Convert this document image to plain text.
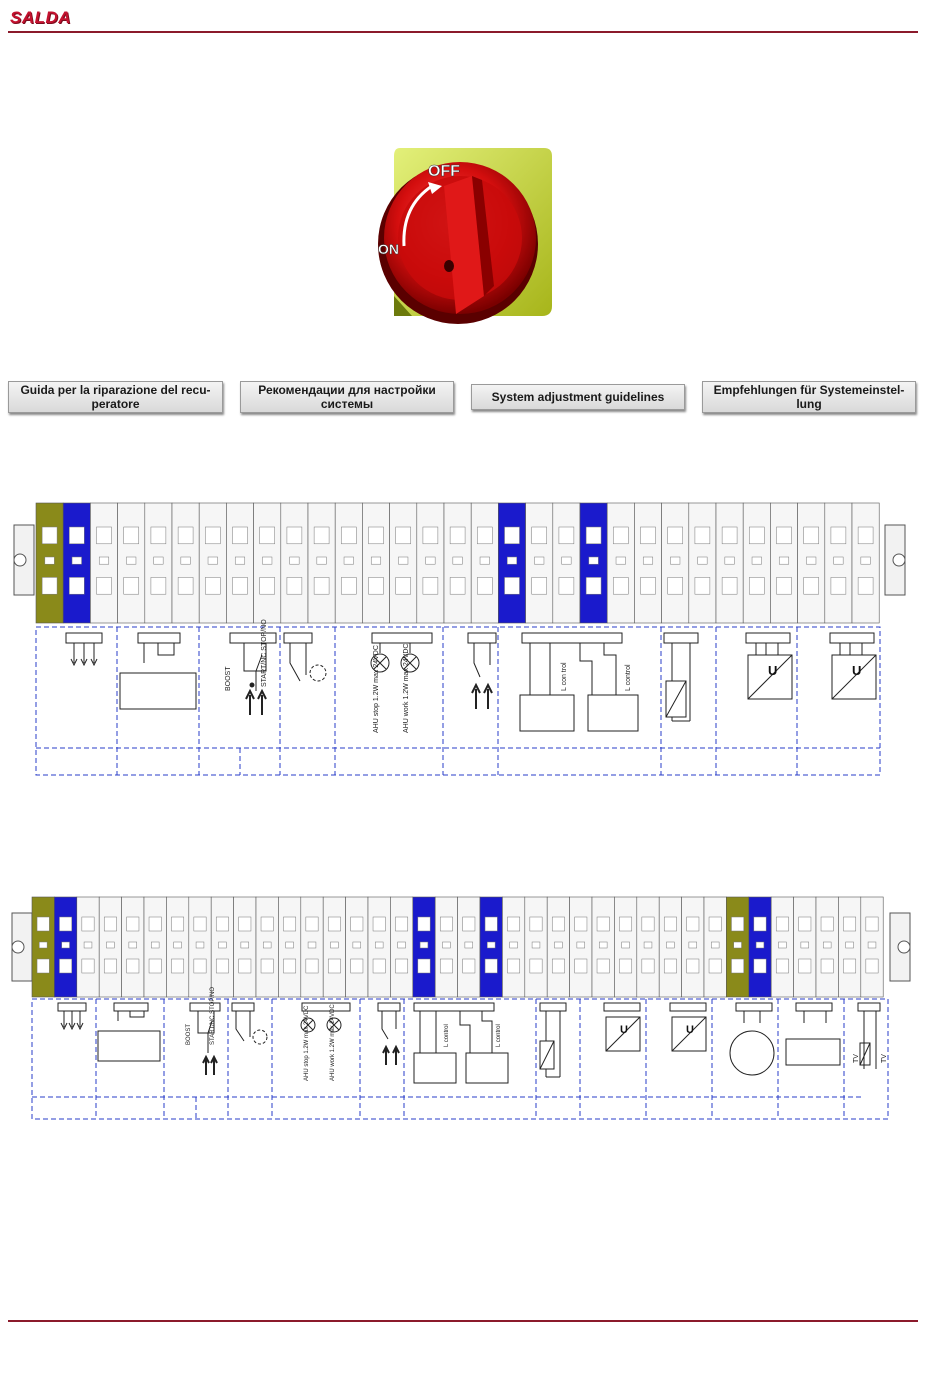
SALDA
OFF
ON
Guida per la riparazione del recu-peratore
Рекомендации для настройки системы	System adjustment guidelines	Empfehlungen für Systemeinstel-lung
BOOST	START/NC STOP/NO	AHU stop 1.2W max 24VDC	AHU work 1.2W max 24VDC	L con trol	L control	U	U
BOOST	START/NC STOP/NO	AHU stop 1.2W max 24VDC	AHU work 1.2W max 24VDC	L control	L control	U	U
TV	TV
